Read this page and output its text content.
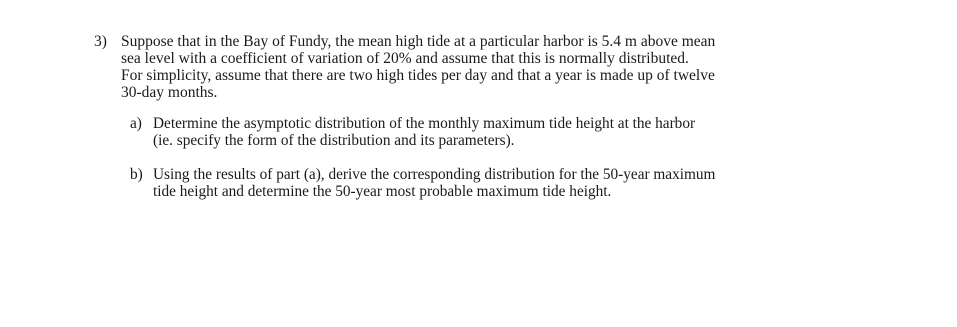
3) Suppose that in the Bay of Fundy, the mean high tide at a particular harbor is 5.4 m above mean
sea level with a coefficient of variation of 20% and assume that this is normally distributed.
For simplicity, assume that there are two high tides per day and that a year is made up of twelve
30-day months.
a) Determine the asymptotic distribution of the monthly maximum tide height at the harbor
(ie. specify the form of the distribution and its parameters).
b) Using the results of part (a), derive the corresponding distribution for the 50-year maximum
tide height and determine the 50-year most probable maximum tide height.
